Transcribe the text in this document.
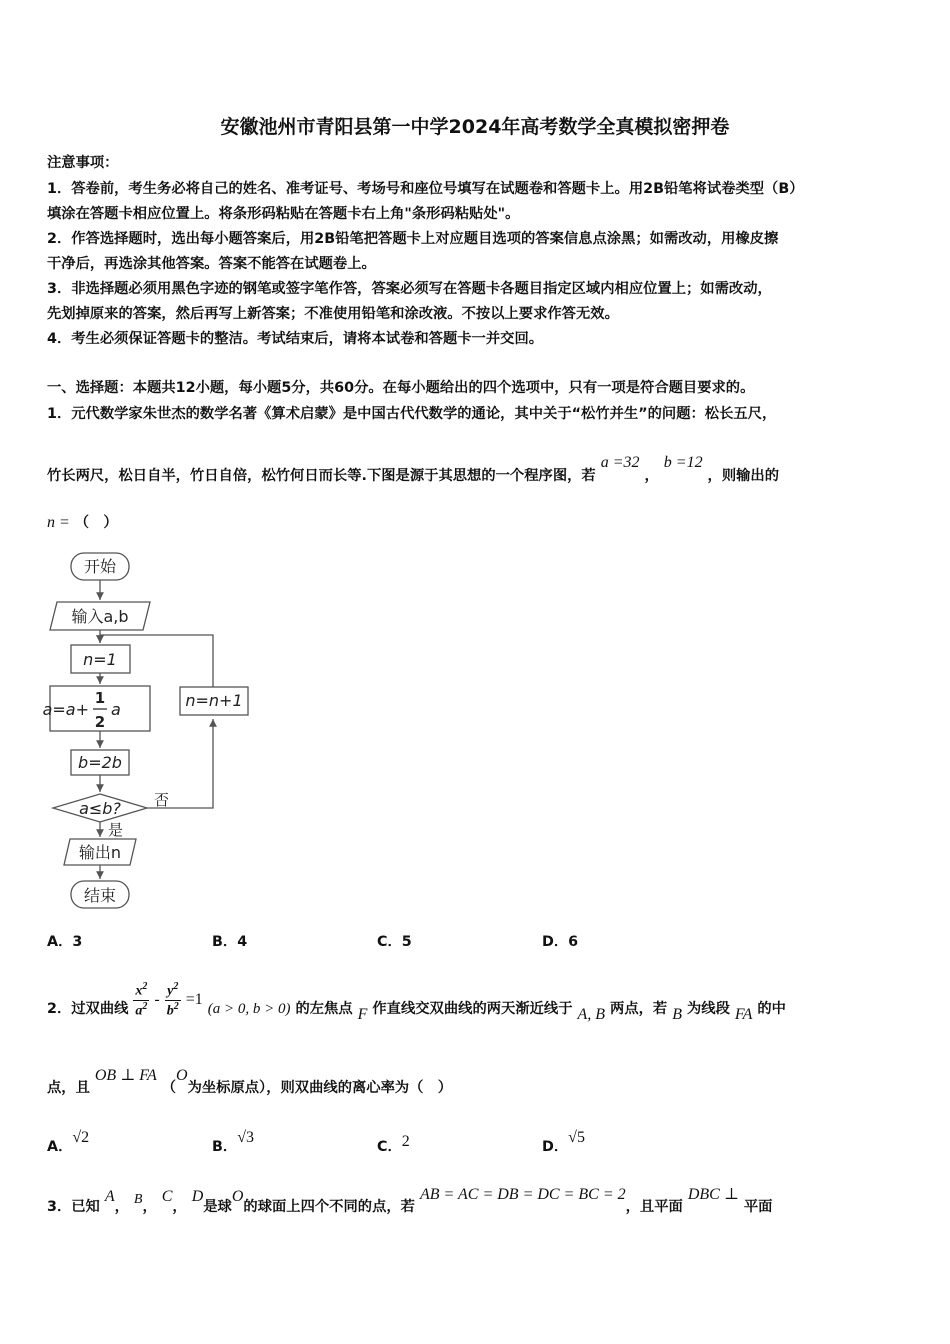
安徽池州市青阳县第一中学2024年高考数学全真模拟密押卷
注意事项：
1．答卷前，考生务必将自己的姓名、准考证号、考场号和座位号填写在试题卷和答题卡上。用2B铅笔将试卷类型（B）
填涂在答题卡相应位置上。将条形码粘贴在答题卡右上角"条形码粘贴处"。
2．作答选择题时，选出每小题答案后，用2B铅笔把答题卡上对应题目选项的答案信息点涂黑；如需改动，用橡皮擦
干净后，再选涂其他答案。答案不能答在试题卷上。
3．非选择题必须用黑色字迹的钢笔或签字笔作答，答案必须写在答题卡各题目指定区域内相应位置上；如需改动，
先划掉原来的答案，然后再写上新答案；不准使用铅笔和涂改液。不按以上要求作答无效。
4．考生必须保证答题卡的整洁。考试结束后，请将本试卷和答题卡一并交回。
一、选择题：本题共12小题，每小题5分，共60分。在每小题给出的四个选项中，只有一项是符合题目要求的。
1．元代数学家朱世杰的数学名著《算术启蒙》是中国古代代数学的通论，其中关于“松竹并生”的问题：松长五尺，
竹长两尺，松日自半，竹日自倍，松竹何日而长等.下图是源于其思想的一个程序图，若 a =32 ， b =12 ，则输出的
n = （　）
开始
输入a,b
n=1
a=a+
1
2
a
b=2b
a≤b? 否
是
n=n+1
输出n
结束
A．3	B．4	C．5	D．6
2．过双曲线 $\frac{x^2}{a^2} - \frac{y^2}{b^2} =1$ (a > 0, b > 0) 的左焦点 F 作直线交双曲线的两天渐近线于 A, B 两点，若 B 为线段 FA 的中
点，且 OB ⊥ FA （O为坐标原点），则双曲线的离心率为（　）
A．√2
B．√3
C．2	D．√5
3．已知 A， B， C， D是球O的球面上四个不同的点，若 AB = AC = DB = DC = BC = 2，且平面 DBC ⊥ 平面
